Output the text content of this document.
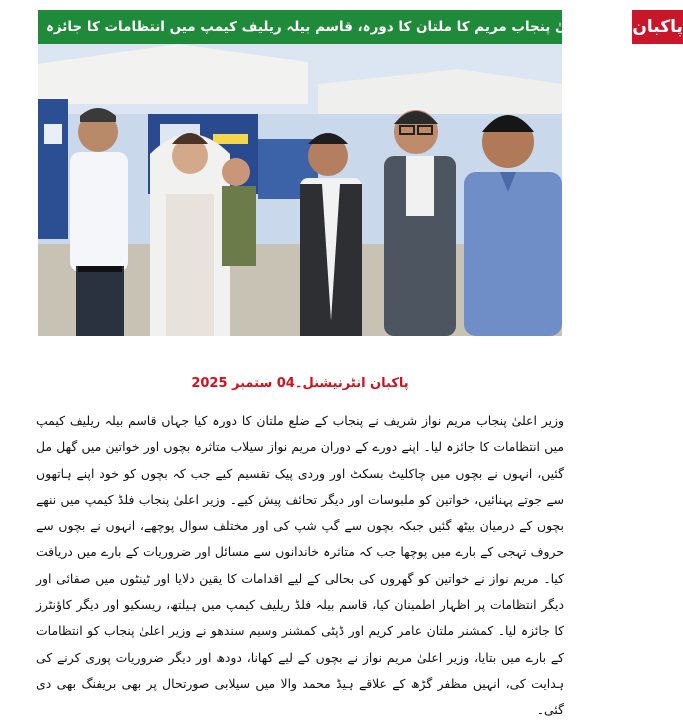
وزیر اعلیٰ پنجاب مریم کا ملتان کا دورہ، قاسم بیلہ ریلیف کیمپ میں انتظامات کا جائزہ پاکبان
پاکبان انٹرنیشنل۔04 ستمبر 2025
وزیر اعلیٰ پنجاب مریم نواز شریف نے پنجاب کے ضلع ملتان کا دورہ کیا جہاں قاسم بیلہ ریلیف کیمپ میں انتظامات کا جائزہ لیا۔ اپنے دورے کے دوران مریم نواز سیلاب متاثرہ بچوں اور خواتین میں گھل مل گئیں، انہوں نے بچوں میں چاکلیٹ بسکٹ اور وردی پیک تقسیم کیے جب کہ بچوں کو خود اپنے ہاتھوں سے جوتے پہنائیں، خواتین کو ملبوسات اور دیگر تحائف پیش کیے۔ وزیر اعلیٰ پنجاب فلڈ کیمپ میں ننھے بچوں کے درمیان بیٹھ گئیں جبکہ بچوں سے گپ شپ کی اور مختلف سوال پوچھے، انہوں نے بچوں سے حروف تہجی کے بارے میں پوچھا جب کہ متاثرہ خاندانوں سے مسائل اور ضروریات کے بارے میں دریافت کیا۔ مریم نواز نے خواتین کو گھروں کی بحالی کے لیے اقدامات کا یقین دلایا اور ٹینٹوں میں صفائی اور دیگر انتظامات پر اظہار اطمینان کیا، قاسم بیلہ فلڈ ریلیف کیمپ میں ہیلتھ، ریسکیو اور دیگر کاؤنٹرز کا جائزہ لیا۔ کمشنر ملتان عامر کریم اور ڈپٹی کمشنر وسیم سندھو نے وزیر اعلیٰ پنجاب کو انتظامات کے بارے میں بتایا، وزیر اعلیٰ مریم نواز نے بچوں کے لیے کھانا، دودھ اور دیگر ضروریات پوری کرنے کی ہدایت کی، انہیں مظفر گڑھ کے علاقے ہیڈ محمد والا میں سیلابی صورتحال پر بھی بریفنگ بھی دی گئی۔
